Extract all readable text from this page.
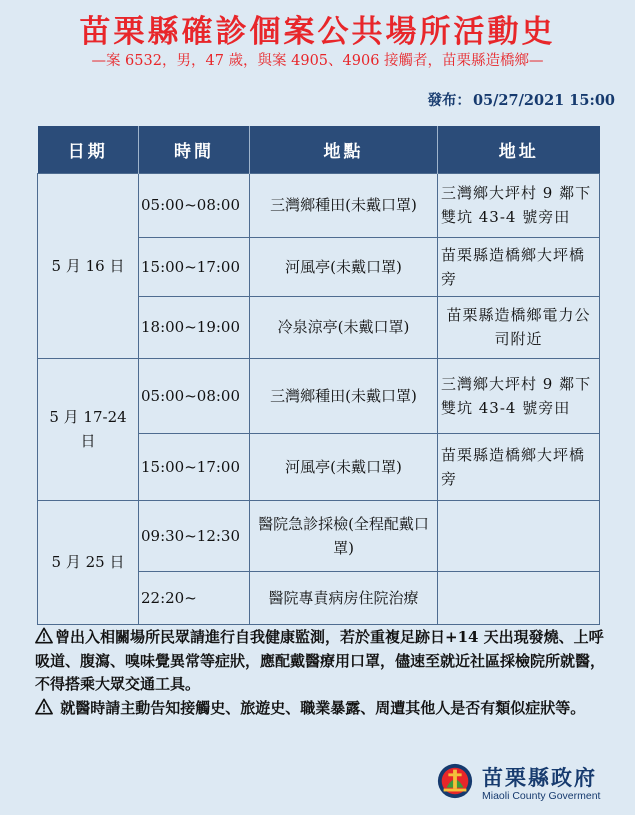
苗栗縣確診個案公共場所活動史
—案 6532，男，47 歲，與案 4905、4906 接觸者，苗栗縣造橋鄉—
發布： 05/27/2021 15:00
日期	時間	地點	地址
5 月 16 日	05:00~08:00	三灣鄉種田(未戴口罩)	三灣鄉大坪村 9 鄰下雙坑 43-4 號旁田
	15:00~17:00	河風亭(未戴口罩)	苗栗縣造橋鄉大坪橋旁
	18:00~19:00	冷泉涼亭(未戴口罩)	苗栗縣造橋鄉電力公司附近
5 月 17-24 日	05:00~08:00	三灣鄉種田(未戴口罩)	三灣鄉大坪村 9 鄰下雙坑 43-4 號旁田
	15:00~17:00	河風亭(未戴口罩)	苗栗縣造橋鄉大坪橋旁
5 月 25 日	09:30~12:30	醫院急診採檢(全程配戴口罩)	
	22:20~	醫院專責病房住院治療	
曾出入相關場所民眾請進行自我健康監測，若於重複足跡日+14 天出現發燒、上呼吸道、腹瀉、嗅味覺異常等症狀，應配戴醫療用口罩，儘速至就近社區採檢院所就醫，不得搭乘大眾交通工具。
就醫時請主動告知接觸史、旅遊史、職業暴露、周遭其他人是否有類似症狀等。
苗栗縣政府
Miaoli County Goverment
